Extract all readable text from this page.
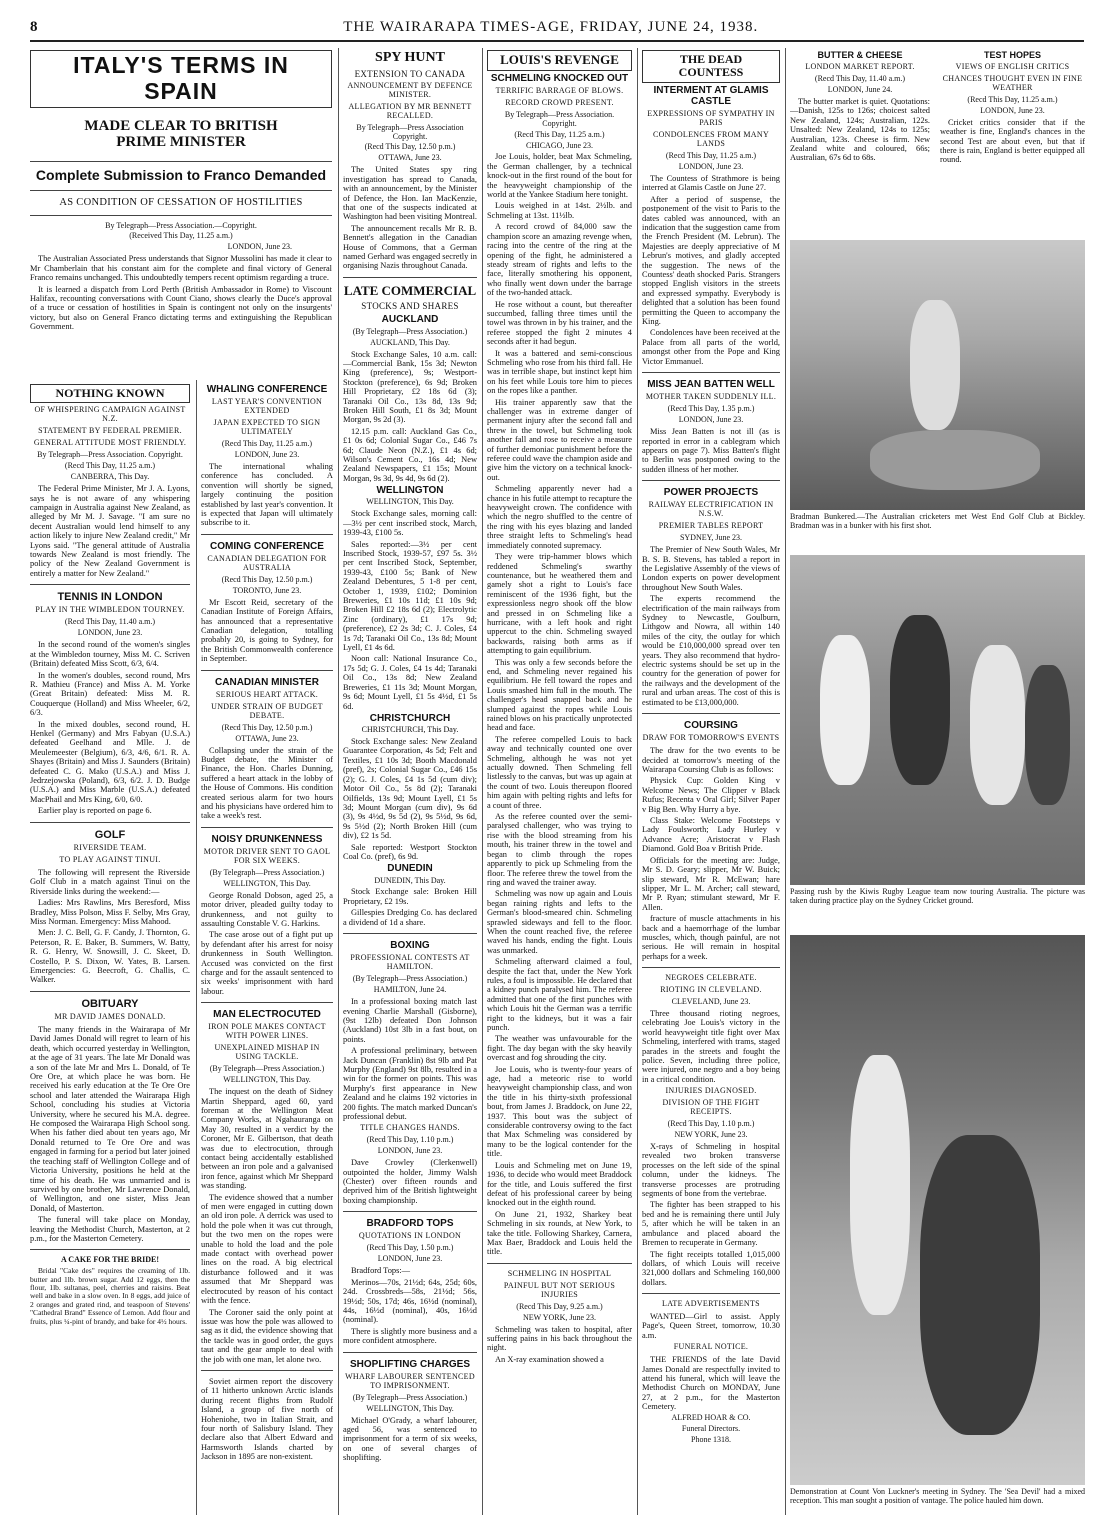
8	THE WAIRARAPA TIMES-AGE, FRIDAY, JUNE 24, 1938.
ITALY'S TERMS IN SPAIN
MADE CLEAR TO BRITISH PRIME MINISTER
Complete Submission to Franco Demanded
AS CONDITION OF CESSATION OF HOSTILITIES
By Telegraph—Press Association.—Copyright.
(Received This Day, 11.25 a.m.)
LONDON, June 23.

The Australian Associated Press understands that Signor Mussolini has made it clear to Mr Chamberlain that his constant aim for the complete and final victory of General Franco remains unchanged. This undoubtedly tempers recent optimism regarding a truce.

It is learned a dispatch from Lord Perth (British Ambassador in Rome) to Viscount Halifax, recounting conversations with Count Ciano, shows clearly the Duce's approval of a truce or cessation of hostilities in Spain is contingent not only on the insurgents' victory, but also on General Franco dictating terms and extinguishing the Republican Government.

NOTHING KNOWN
OF WHISPERING CAMPAIGN AGAINST N.Z.
STATEMENT BY FEDERAL PREMIER.
GENERAL ATTITUDE MOST FRIENDLY.
By Telegraph—Press Association. Copyright.
(Recd This Day, 11.25 a.m.)
CANBERRA, This Day.

The Federal Prime Minister, Mr J. A. Lyons, says he is not aware of any whispering campaign in Australia against New Zealand, as alleged by Mr M. J. Savage. "I am sure no decent Australian would lend himself to any action likely to injure New Zealand credit," Mr Lyons said. "The general attitude of Australia towards New Zealand is most friendly. The policy of the New Zealand Government is entirely a matter for New Zealand."

TENNIS IN LONDON
PLAY IN THE WIMBLEDON TOURNEY.
(Recd This Day, 11.40 a.m.)
LONDON, June 23.

In the second round of the women's singles at the Wimbledon tourney, Miss M. C. Scriven (Britain) defeated Miss Scott, 6/3, 6/4.

In the women's doubles, second round, Mrs R. Mathieu (France) and Miss A. M. Yorke (Great Britain) defeated: Miss M. R. Couquerque (Holland) and Miss Wheeler, 6/2, 6/3.

In the mixed doubles, second round, H. Henkel (Germany) and Mrs Fabyan (U.S.A.) defeated Geelhand and Mlle. J. de Meulemeester (Belgium), 6/3, 4/6, 6/1. R. A. Shayes (Britain) and Miss J. Saunders (Britain) defeated C. G. Mako (U.S.A.) and Miss J. Jedrzejowska (Poland), 6/3, 6/2. J. D. Budge (U.S.A.) and Miss Marble (U.S.A.) defeated MacPhail and Mrs King, 6/0, 6/0.

Earlier play is reported on page 6.

GOLF
RIVERSIDE TEAM.
TO PLAY AGAINST TINUI.

The following will represent the Riverside Golf Club in a match against Tinui on the Riverside links during the weekend:—

Ladies: Mrs Rawlins, Mrs Beresford, Miss Bradley, Miss Polson, Miss F. Selby, Mrs Gray, Miss Norman. Emergency: Miss Mahood.

Men: J. C. Bell, G. F. Candy, J. Thornton, G. Peterson, R. E. Baker, B. Summers, W. Batty, R. G. Henry, W. Snowsill, J. C. Skeet, D. Costello, P. S. Dixon, W. Yates, B. Larsen. Emergencies: G. Beecroft, G. Challis, C. Walker.

OBITUARY
MR DAVID JAMES DONALD.

The many friends in the Wairarapa of Mr David James Donald will regret to learn of his death, which occurred yesterday in Wellington, at the age of 31 years. The late Mr Donald was a son of the late Mr and Mrs L. Donald, of Te Ore Ore, at which place he was born. He received his early education at the Te Ore Ore school and later attended the Wairarapa High School, concluding his studies at Victoria University, where he secured his M.A. degree. He composed the Wairarapa High School song. When his father died about ten years ago, Mr Donald returned to Te Ore Ore and was engaged in farming for a period but later joined the teaching staff of Wellington College and of Victoria University, positions he held at the time of his death. He was unmarried and is survived by one brother, Mr Lawrence Donald, of Wellington, and one sister, Miss Jean Donald, of Masterton.

The funeral will take place on Monday, leaving the Methodist Church, Masterton, at 2 p.m., for the Masterton Cemetery.

A CAKE FOR THE BRIDE!

Bridal "Cake des" requires the creaming of 1lb. butter and 1lb. brown sugar. Add 12 eggs, then the flour, 1lb. sultanas, peel, cherries and raisins. Beat well and bake in a slow oven. In 8 eggs, add juice of 2 oranges and grated rind, and teaspoon of Stevens' "Cathedral Brand" Essence of Lemon. Add flour and fruits, plus ¼-pint of brandy, and bake for 4½ hours.

WHALING CONFERENCE
LAST YEAR'S CONVENTION EXTENDED
JAPAN EXPECTED TO SIGN ULTIMATELY
(Recd This Day, 11.25 a.m.)
LONDON, June 23.

The international whaling conference has concluded. A convention will shortly be signed, largely continuing the position established by last year's convention. It is expected that Japan will ultimately subscribe to it.

COMING CONFERENCE
CANADIAN DELEGATION FOR AUSTRALIA
(Recd This Day, 12.50 p.m.)
TORONTO, June 23.

Mr Escott Reid, secretary of the Canadian Institute of Foreign Affairs, has announced that a representative Canadian delegation, totalling probably 20, is going to Sydney, for the British Commonwealth conference in September.

CANADIAN MINISTER
SERIOUS HEART ATTACK.
UNDER STRAIN OF BUDGET DEBATE.
(Recd This Day, 12.50 p.m.)
OTTAWA, June 23.

Collapsing under the strain of the Budget debate, the Minister of Finance, the Hon. Charles Dunning, suffered a heart attack in the lobby of the House of Commons. His condition created serious alarm for two hours and his physicians have ordered him to take a week's rest.

NOISY DRUNKENNESS
MOTOR DRIVER SENT TO GAOL FOR SIX WEEKS.
(By Telegraph—Press Association.)
WELLINGTON, This Day.

George Ronald Dobson, aged 25, a motor driver, pleaded guilty today to drunkenness, and not guilty to assaulting Constable V. G. Harkins.

The case arose out of a fight put up by defendant after his arrest for noisy drunkenness in South Wellington. Accused was convicted on the first charge and for the assault sentenced to six weeks' imprisonment with hard labour.

MAN ELECTROCUTED
IRON POLE MAKES CONTACT WITH POWER LINES.
UNEXPLAINED MISHAP IN USING TACKLE.
(By Telegraph—Press Association.)
WELLINGTON, This Day.

The inquest on the death of Sidney Martin Sheppard, aged 60, yard foreman at the Wellington Meat Company Works, at Ngahauranga on May 30, resulted in a verdict by the Coroner, Mr E. Gilbertson, that death was due to electrocution, through contact being accidentally established between an iron pole and a galvanised iron fence, against which Mr Sheppard was standing.

The evidence showed that a number of men were engaged in cutting down an old iron pole. A derrick was used to hold the pole when it was cut through, but the two men on the ropes were unable to hold the load and the pole made contact with overhead power lines on the road. A big electrical disturbance followed and it was assumed that Mr Sheppard was electrocuted by reason of his contact with the fence.

The Coroner said the only point at issue was how the pole was allowed to sag as it did, the evidence showing that the tackle was in good order, the guys taut and the gear ample to deal with the job with one man, let alone two.

Soviet airmen report the discovery of 11 hitherto unknown Arctic islands during recent flights from Rudolf Island, a group of five north of Hoheniohe, two in Italian Strait, and four north of Salisbury Island. They declare also that Albert Edward and Harmsworth Islands charted by Jackson in 1895 are non-existent.

SPY HUNT
EXTENSION TO CANADA
ANNOUNCEMENT BY DEFENCE MINISTER.
ALLEGATION BY MR BENNETT RECALLED.
By Telegraph—Press Association Copyright.
(Recd This Day, 12.50 p.m.)
OTTAWA, June 23.

The United States spy ring investigation has spread to Canada, with an announcement, by the Minister of Defence, the Hon. Ian MacKenzie, that one of the suspects indicated at Washington had been visiting Montreal.

The announcement recalls Mr R. B. Bennett's allegation in the Canadian House of Commons, that a German named Gerhard was engaged secretly in organising Nazis throughout Canada.

LATE COMMERCIAL
STOCKS AND SHARES
AUCKLAND
(By Telegraph—Press Association.)
AUCKLAND, This Day.

Stock Exchange Sales, 10 a.m. call: —Commercial Bank, 15s 3d; Newton King (preference), 9s; Westport-Stockton (preference), 6s 9d; Broken Hill Proprietary, £2 18s 6d (3); Taranaki Oil Co., 13s 8d, 13s 9d; Broken Hill South, £1 8s 3d; Mount Morgan, 9s 2d (3).

12.15 p.m. call: Auckland Gas Co., £1 0s 6d; Colonial Sugar Co., £46 7s 6d; Claude Neon (N.Z.), £1 4s 6d; Wilson's Cement Co., 16s 4d; New Zealand Newspapers, £1 15s; Mount Morgan, 9s 3d, 9s 4d, 9s 6d (2).

WELLINGTON
WELLINGTON, This Day.

Stock Exchange sales, morning call: —3½ per cent inscribed stock, March, 1939-43, £100 5s.

Sales reported:—3½ per cent Inscribed Stock, 1939-57, £97 5s. 3½ per cent Inscribed Stock, September, 1939-43, £100 5s; Bank of New Zealand Debentures, 5 1-8 per cent, October 1, 1939, £102; Dominion Breweries, £1 10s 11d; £1 10s 9d; Broken Hill £2 18s 6d (2); Electrolytic Zinc (ordinary), £1 17s 9d; (preference), £2 2s 3d; C. J. Coles, £4 1s 7d; Taranaki Oil Co., 13s 8d; Mount Lyell, £1 4s 6d.

Noon call: National Insurance Co., 17s 5d; G. J. Coles, £4 1s 4d; Taranaki Oil Co., 13s 8d; New Zealand Breweries, £1 11s 3d; Mount Morgan, 9s 6d; Mount Lyell, £1 5s 4½d, £1 5s 6d.

CHRISTCHURCH
CHRISTCHURCH, This Day.

Stock Exchange sales: New Zealand Guarantee Corporation, 4s 5d; Felt and Textiles, £1 10s 3d; Booth Macdonald (pref), 2s; Colonial Sugar Co., £46 15s (2); G. J. Coles, £4 1s 5d (cum div); Motor Oil Co., 5s 8d (2); Taranaki Oilfields, 13s 9d; Mount Lyell, £1 5s 3d; Mount Morgan (cum div), 9s 6d (3), 9s 4½d, 9s 5d (2), 9s 5½d, 9s 6d, 9s 5½d (2); North Broken Hill (cum div), £2 1s 5d.

Sale reported: Westport Stockton Coal Co. (pref), 6s 9d.

DUNEDIN
DUNEDIN, This Day.

Stock Exchange sale: Broken Hill Proprietary, £2 19s.

Gillespies Dredging Co. has declared a dividend of 1d a share.

BOXING
PROFESSIONAL CONTESTS AT HAMILTON.
(By Telegraph—Press Association.)
HAMILTON, June 24.

In a professional boxing match last evening Charlie Marshall (Gisborne), (9st 12lb) defeated Don Johnson (Auckland) 10st 3lb in a fast bout, on points.

A professional preliminary, between Jack Duncan (Franklin) 8st 9lb and Pat Murphy (England) 9st 8lb, resulted in a win for the former on points. This was Murphy's first appearance in New Zealand and he claims 192 victories in 200 fights. The match marked Duncan's professional debut.

TITLE CHANGES HANDS.
(Recd This Day, 1.10 p.m.)
LONDON, June 23.

Dave Crowley (Clerkenwell) outpointed the holder, Jimmy Walsh (Chester) over fifteen rounds and deprived him of the British lightweight boxing championship.

BRADFORD TOPS
QUOTATIONS IN LONDON
(Recd This Day, 1.50 p.m.)
LONDON, June 23.

Bradford Tops:—

Merinos—70s, 21½d; 64s, 25d; 60s, 24d. Crossbreds—58s, 21½d; 56s, 19½d; 50s, 17d; 46s, 16½d (nominal), 44s, 16½d (nominal), 40s, 16½d (nominal).

There is slightly more business and a more confident atmosphere.

SHOPLIFTING CHARGES
WHARF LABOURER SENTENCED TO IMPRISONMENT.
(By Telegraph—Press Association.)
WELLINGTON, This Day.

Michael O'Grady, a wharf labourer, aged 56, was sentenced to imprisonment for a term of six weeks, on one of several charges of shoplifting.

LOUIS'S REVENGE
SCHMELING KNOCKED OUT
TERRIFIC BARRAGE OF BLOWS.
RECORD CROWD PRESENT.
By Telegraph—Press Association. Copyright.
(Recd This Day, 11.25 a.m.)
CHICAGO, June 23.

Joe Louis, holder, beat Max Schmeling, the German challenger, by a technical knock-out in the first round of the bout for the heavyweight championship of the world at the Yankee Stadium here tonight.

Louis weighed in at 14st. 2½lb. and Schmeling at 13st. 11½lb.

A record crowd of 84,000 saw the champion score an amazing revenge when, racing into the centre of the ring at the opening of the fight, he administered a steady stream of rights and lefts to the face, literally smothering his opponent, who finally went down under the barrage of the two-handed attack.

He rose without a count, but thereafter succumbed, falling three times until the towel was thrown in by his trainer, and the referee stopped the fight 2 minutes 4 seconds after it had begun.

It was a battered and semi-conscious Schmeling who rose from his third fall. He was in terrible shape, but instinct kept him on his feet while Louis tore him to pieces on the ropes like a panther.

His trainer apparently saw that the challenger was in extreme danger of permanent injury after the second fall and threw in the towel, but Schmeling took another fall and rose to receive a measure of further demoniac punishment before the referee could wave the champion aside and give him the victory on a technical knock-out.

Schmeling apparently never had a chance in his futile attempt to recapture the heavyweight crown. The confidence with which the negro shuffled to the centre of the ring with his eyes blazing and landed three straight lefts to Schmeling's head immediately connoted supremacy.

They were trip-hammer blows which reddened Schmeling's swarthy countenance, but he weathered them and gamely shot a right to Louis's face reminiscent of the 1936 fight, but the expressionless negro shook off the blow and pressed in on Schmeling like a hurricane, with a left hook and right uppercut to the chin. Schmeling swayed backwards, raising both arms as if attempting to gain equilibrium.

This was only a few seconds before the end, and Schmeling never regained his equilibrium. He fell toward the ropes and Louis smashed him full in the mouth. The challenger's head snapped back and he slumped against the ropes while Louis rained blows on his practically unprotected head and face.

The referee compelled Louis to back away and technically counted one over Schmeling, although he was not yet actually downed. Then Schmeling fell listlessly to the canvas, but was up again at the count of two. Louis thereupon floored him again with pelting rights and lefts for a count of three.

As the referee counted over the semi-paralysed challenger, who was trying to rise with the blood streaming from his mouth, his trainer threw in the towel and began to climb through the ropes apparently to pick up Schmeling from the floor. The referee threw the towel from the ring and waved the trainer away.

Schmeling was now up again and Louis began raining rights and lefts to the German's blood-smeared chin. Schmeling sprawled sideways and fell to the floor. When the count reached five, the referee waved his hands, ending the fight. Louis was unmarked.

Schmeling afterward claimed a foul, despite the fact that, under the New York rules, a foul is impossible. He declared that a kidney punch paralysed him. The referee admitted that one of the first punches with which Louis hit the German was a terrific right to the kidneys, but it was a fair punch.

The weather was unfavourable for the fight. The day began with the sky heavily overcast and fog shrouding the city.

Joe Louis, who is twenty-four years of age, had a meteoric rise to world heavyweight championship class, and won the title in his thirty-sixth professional bout, from James J. Braddock, on June 22, 1937. This bout was the subject of considerable controversy owing to the fact that Max Schmeling was considered by many to be the logical contender for the title.

Louis and Schmeling met on June 19, 1936, to decide who would meet Braddock for the title, and Louis suffered the first defeat of his professional career by being knocked out in the eighth round.

On June 21, 1932, Sharkey beat Schmeling in six rounds, at New York, to take the title. Following Sharkey, Carnera, Max Baer, Braddock and Louis held the title.

SCHMELING IN HOSPITAL
PAINFUL BUT NOT SERIOUS INJURIES
(Recd This Day, 9.25 a.m.)
NEW YORK, June 23.

Schmeling was taken to hospital, after suffering pains in his back throughout the night.

An X-ray examination showed a

THE DEAD COUNTESS
INTERMENT AT GLAMIS CASTLE
EXPRESSIONS OF SYMPATHY IN PARIS
CONDOLENCES FROM MANY LANDS
(Recd This Day, 11.25 a.m.)
LONDON, June 23.

The Countess of Strathmore is being interred at Glamis Castle on June 27.

After a period of suspense, the postponement of the visit to Paris to the dates cabled was announced, with an indication that the suggestion came from the French President (M. Lebrun). The Majesties are deeply appreciative of M Lebrun's motives, and gladly accepted the suggestion. The news of the Countess' death shocked Paris. Strangers stopped English visitors in the streets and expressed sympathy. Everybody is delighted that a solution has been found permitting the Queen to accompany the King.

Condolences have been received at the Palace from all parts of the world, amongst other from the Pope and King Victor Emmanuel.

MISS JEAN BATTEN WELL
MOTHER TAKEN SUDDENLY ILL.
(Recd This Day, 1.35 p.m.)
LONDON, June 23.

Miss Jean Batten is not ill (as is reported in error in a cablegram which appears on page 7). Miss Batten's flight to Berlin was postponed owing to the sudden illness of her mother.

POWER PROJECTS
RAILWAY ELECTRIFICATION IN N.S.W.
PREMIER TABLES REPORT
SYDNEY, June 23.

The Premier of New South Wales, Mr B. S. B. Stevens, has tabled a report in the Legislative Assembly of the views of London experts on power development throughout New South Wales.

The experts recommend the electrification of the main railways from Sydney to Newcastle, Goulburn, Lithgow and Nowra, all within 140 miles of the city, the outlay for which would be £10,000,000 spread over ten years. They also recommend that hydro-electric systems should be set up in the country for the generation of power for the railways and the development of the rural and urban areas. The cost of this is estimated to be £13,000,000.

COURSING
DRAW FOR TOMORROW'S EVENTS

The draw for the two events to be decided at tomorrow's meeting of the Wairarapa Coursing Club is as follows:

Physick Cup: Golden King v Welcome News; The Clipper v Black Rufus; Recenta v Oral Girl; Silver Paper v Big Ben. Why Hurry a bye.

Class Stake: Welcome Footsteps v Lady Foulsworth; Lady Hurley v Advance Acre; Aristocrat v Flash Diamond. Gold Boa v British Pride.

Officials for the meeting are: Judge, Mr S. D. Geary; slipper, Mr W. Buick; slip steward, Mr R. McEwan; hare slipper, Mr L. M. Archer; call steward, Mr P. Ryan; stimulant steward, Mr F. Allen.

fracture of muscle attachments in his back and a haemorrhage of the lumbar muscles, which, though painful, are not serious. He will remain in hospital perhaps for a week.

NEGROES CELEBRATE.
RIOTING IN CLEVELAND.
CLEVELAND, June 23.

Three thousand rioting negroes, celebrating Joe Louis's victory in the world heavyweight title fight over Max Schmeling, interfered with trams, staged parades in the streets and fought the police. Seven, including three police, were injured, one negro and a boy being in a critical condition.

INJURIES DIAGNOSED.
DIVISION OF THE FIGHT RECEIPTS.
(Recd This Day, 1.10 p.m.)
NEW YORK, June 23.

X-rays of Schmeling in hospital revealed two broken transverse processes on the left side of the spinal column, under the kidneys. The transverse processes are protruding segments of bone from the vertebrae.

The fighter has been strapped to his bed and he is remaining there until July 5, after which he will be taken in an ambulance and placed aboard the Bremen to recuperate in Germany.

The fight receipts totalled 1,015,000 dollars, of which Louis will receive 321,000 dollars and Schmeling 160,000 dollars.

LATE ADVERTISEMENTS

WANTED—Girl to assist. Apply Page's, Queen Street, tomorrow, 10.30 a.m.

FUNERAL NOTICE.

THE FRIENDS of the late David James Donald are respectfully invited to attend his funeral, which will leave the Methodist Church on MONDAY, June 27, at 2 p.m., for the Masterton Cemetery.

ALFRED HOAR & CO.
Funeral Directors.
Phone 1318.
BUTTER & CHEESE
LONDON MARKET REPORT.
(Recd This Day, 11.40 a.m.)
LONDON, June 24.

The butter market is quiet. Quotations:—Danish, 125s to 126s; choicest salted New Zealand, 124s; Australian, 122s. Unsalted: New Zealand, 124s to 125s; Australian, 123s. Cheese is firm. New Zealand white and coloured, 66s; Australian, 67s 6d to 68s.

TEST HOPES
VIEWS OF ENGLISH CRITICS
CHANCES THOUGHT EVEN IN FINE WEATHER
(Recd This Day, 11.25 a.m.)
LONDON, June 23.

Cricket critics consider that if the weather is fine, England's chances in the second Test are about even, but that if there is rain, England is better equipped all round.

Bradman Bunkered.—The Australian cricketers met West End Golf Club at Bickley. Bradman was in a bunker with his first shot.
Passing rush by the Kiwis Rugby League team now touring Australia. The picture was taken during practice play on the Sydney Cricket ground.
Demonstration at Count Von Luckner's meeting in Sydney. The 'Sea Devil' had a mixed reception. This man sought a position of vantage. The police hauled him down.
